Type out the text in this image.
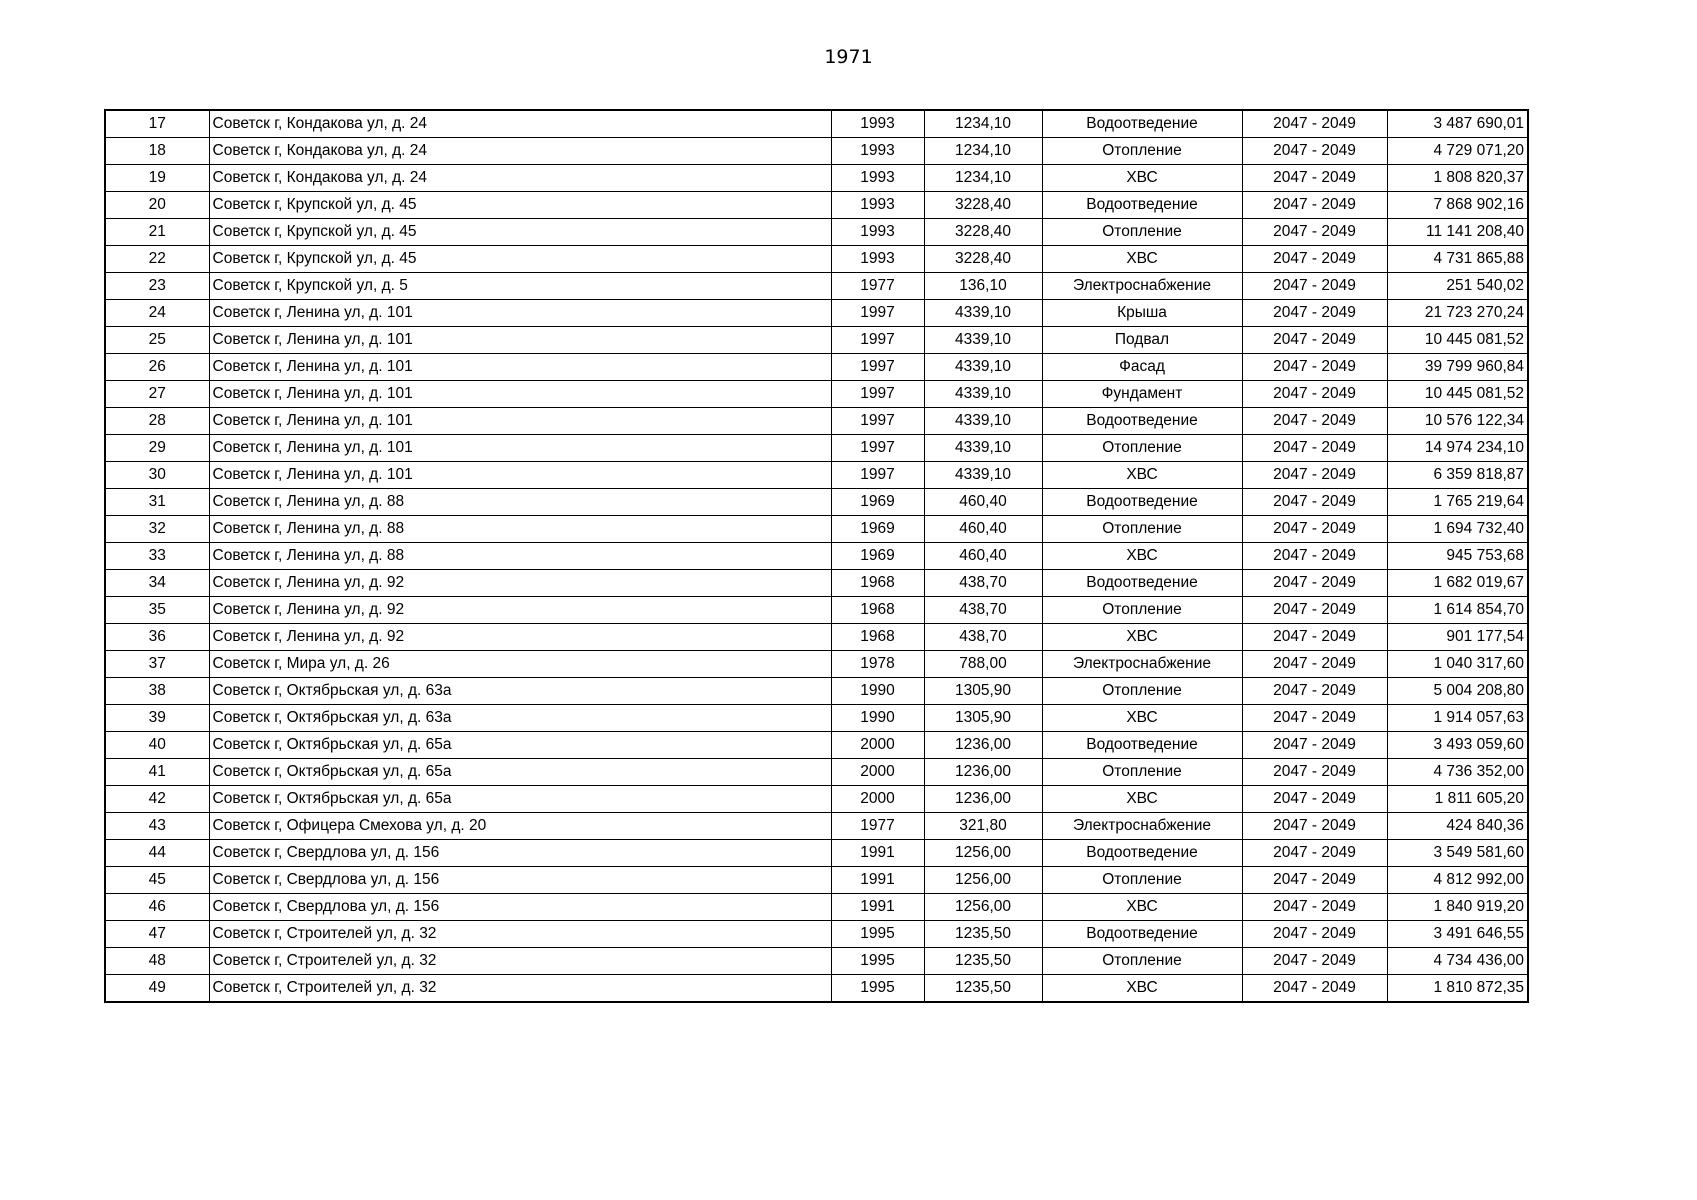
1971
17	Советск г, Кондакова ул, д. 24	1993	1234,10	Водоотведение	2047 - 2049	3 487 690,01
18	Советск г, Кондакова ул, д. 24	1993	1234,10	Отопление	2047 - 2049	4 729 071,20
19	Советск г, Кондакова ул, д. 24	1993	1234,10	ХВС	2047 - 2049	1 808 820,37
20	Советск г, Крупской ул, д. 45	1993	3228,40	Водоотведение	2047 - 2049	7 868 902,16
21	Советск г, Крупской ул, д. 45	1993	3228,40	Отопление	2047 - 2049	11 141 208,40
22	Советск г, Крупской ул, д. 45	1993	3228,40	ХВС	2047 - 2049	4 731 865,88
23	Советск г, Крупской ул, д. 5	1977	136,10	Электроснабжение	2047 - 2049	251 540,02
24	Советск г, Ленина ул, д. 101	1997	4339,10	Крыша	2047 - 2049	21 723 270,24
25	Советск г, Ленина ул, д. 101	1997	4339,10	Подвал	2047 - 2049	10 445 081,52
26	Советск г, Ленина ул, д. 101	1997	4339,10	Фасад	2047 - 2049	39 799 960,84
27	Советск г, Ленина ул, д. 101	1997	4339,10	Фундамент	2047 - 2049	10 445 081,52
28	Советск г, Ленина ул, д. 101	1997	4339,10	Водоотведение	2047 - 2049	10 576 122,34
29	Советск г, Ленина ул, д. 101	1997	4339,10	Отопление	2047 - 2049	14 974 234,10
30	Советск г, Ленина ул, д. 101	1997	4339,10	ХВС	2047 - 2049	6 359 818,87
31	Советск г, Ленина ул, д. 88	1969	460,40	Водоотведение	2047 - 2049	1 765 219,64
32	Советск г, Ленина ул, д. 88	1969	460,40	Отопление	2047 - 2049	1 694 732,40
33	Советск г, Ленина ул, д. 88	1969	460,40	ХВС	2047 - 2049	945 753,68
34	Советск г, Ленина ул, д. 92	1968	438,70	Водоотведение	2047 - 2049	1 682 019,67
35	Советск г, Ленина ул, д. 92	1968	438,70	Отопление	2047 - 2049	1 614 854,70
36	Советск г, Ленина ул, д. 92	1968	438,70	ХВС	2047 - 2049	901 177,54
37	Советск г, Мира ул, д. 26	1978	788,00	Электроснабжение	2047 - 2049	1 040 317,60
38	Советск г, Октябрьская ул, д. 63а	1990	1305,90	Отопление	2047 - 2049	5 004 208,80
39	Советск г, Октябрьская ул, д. 63а	1990	1305,90	ХВС	2047 - 2049	1 914 057,63
40	Советск г, Октябрьская ул, д. 65а	2000	1236,00	Водоотведение	2047 - 2049	3 493 059,60
41	Советск г, Октябрьская ул, д. 65а	2000	1236,00	Отопление	2047 - 2049	4 736 352,00
42	Советск г, Октябрьская ул, д. 65а	2000	1236,00	ХВС	2047 - 2049	1 811 605,20
43	Советск г, Офицера Смехова ул, д. 20	1977	321,80	Электроснабжение	2047 - 2049	424 840,36
44	Советск г, Свердлова ул, д. 156	1991	1256,00	Водоотведение	2047 - 2049	3 549 581,60
45	Советск г, Свердлова ул, д. 156	1991	1256,00	Отопление	2047 - 2049	4 812 992,00
46	Советск г, Свердлова ул, д. 156	1991	1256,00	ХВС	2047 - 2049	1 840 919,20
47	Советск г, Строителей ул, д. 32	1995	1235,50	Водоотведение	2047 - 2049	3 491 646,55
48	Советск г, Строителей ул, д. 32	1995	1235,50	Отопление	2047 - 2049	4 734 436,00
49	Советск г, Строителей ул, д. 32	1995	1235,50	ХВС	2047 - 2049	1 810 872,35
